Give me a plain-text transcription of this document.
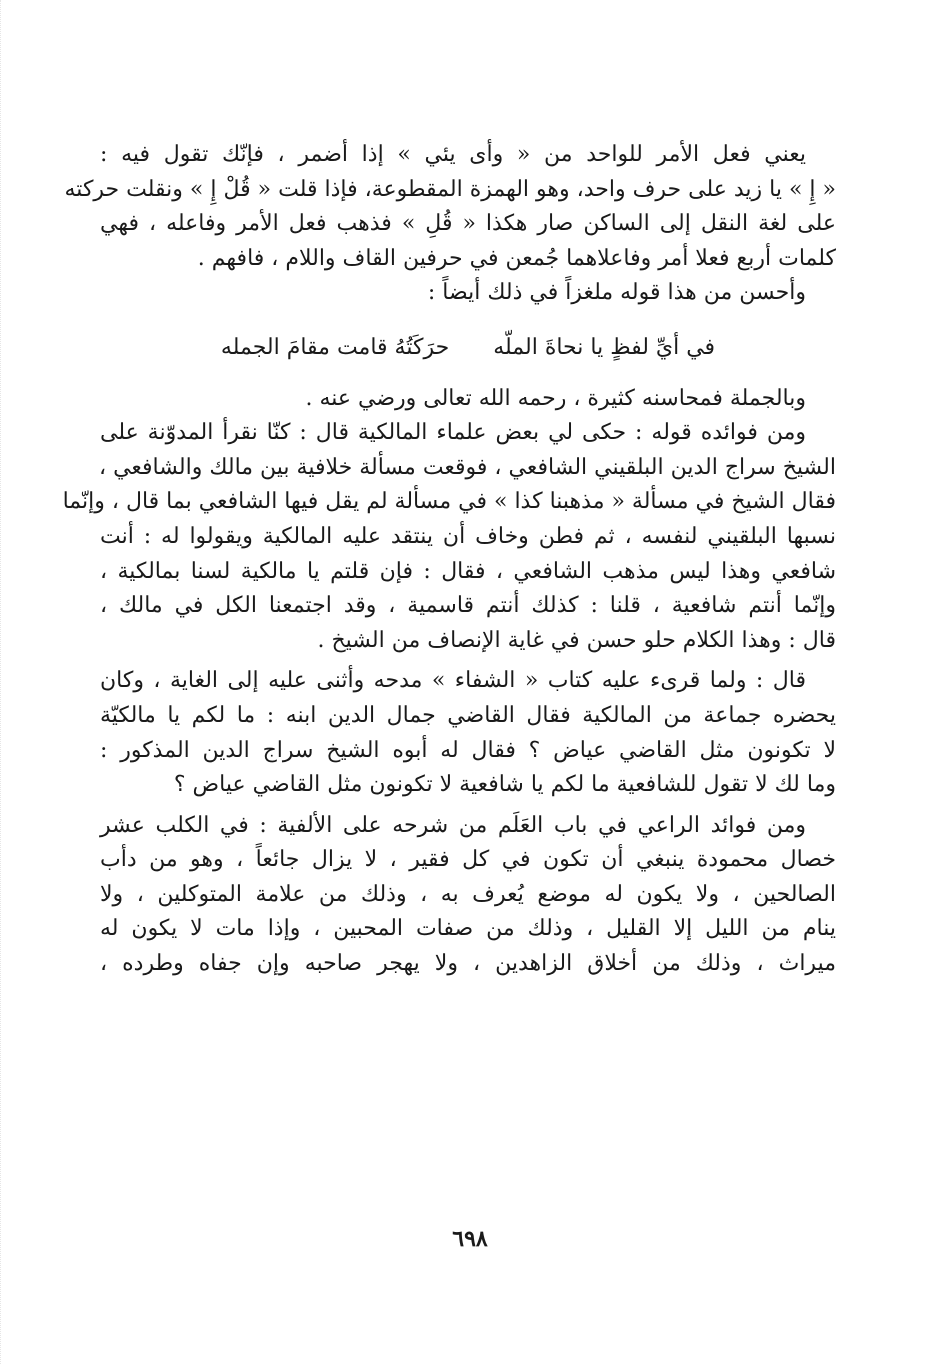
يعني فعل الأمر للواحد من « وأى يئي » إذا أضمر ، فإنّك تقول فيه :
« إِ » يا زيد على حرف واحد، وهو الهمزة المقطوعة، فإذا قلت « قُلْ إِ » ونقلت حركته
على لغة النقل إلى الساكن صار هكذا « قُلِ » فذهب فعل الأمر وفاعله ، فهي
كلمات أربع فعلا أمر وفاعلاهما جُمعن في حرفين القاف واللام ، فافهم .
وأحسن من هذا قوله ملغزاً في ذلك أيضاً :
في أيِّ لفظٍ يا نحاةَ الملّه
حرَكَتُهُ قامت مقامَ الجمله
وبالجملة فمحاسنه كثيرة ، رحمه الله تعالى ورضي عنه .
ومن فوائده قوله : حكى لي بعض علماء المالكية قال : كنّا نقرأ المدوّنة على
الشيخ سراج الدين البلقيني الشافعي ، فوقعت مسألة خلافية بين مالك والشافعي ،
فقال الشيخ في مسألة « مذهبنا كذا » في مسألة لم يقل فيها الشافعي بما قال ، وإنّما
نسبها البلقيني لنفسه ، ثم فطن وخاف أن ينتقد عليه المالكية ويقولوا له : أنت
شافعي وهذا ليس مذهب الشافعي ، فقال : فإن قلتم يا مالكية لسنا بمالكية ،
وإنّما أنتم شافعية ، قلنا : كذلك أنتم قاسمية ، وقد اجتمعنا الكل في مالك ،
قال : وهذا الكلام حلو حسن في غاية الإنصاف من الشيخ .
قال : ولما قرىء عليه كتاب « الشفاء » مدحه وأثنى عليه إلى الغاية ، وكان
يحضره جماعة من المالكية فقال القاضي جمال الدين ابنه : ما لكم يا مالكيّة
لا تكونون مثل القاضي عياض ؟ فقال له أبوه الشيخ سراج الدين المذكور :
وما لك لا تقول للشافعية ما لكم يا شافعية لا تكونون مثل القاضي عياض ؟
ومن فوائد الراعي في باب العَلَم من شرحه على الألفية : في الكلب عشر
خصال محمودة ينبغي أن تكون في كل فقير ، لا يزال جائعاً ، وهو من دأب
الصالحين ، ولا يكون له موضع يُعرف به ، وذلك من علامة المتوكلين ، ولا
ينام من الليل إلا القليل ، وذلك من صفات المحبين ، وإذا مات لا يكون له
ميراث ، وذلك من أخلاق الزاهدين ، ولا يهجر صاحبه وإن جفاه وطرده ،
٦٩٨
